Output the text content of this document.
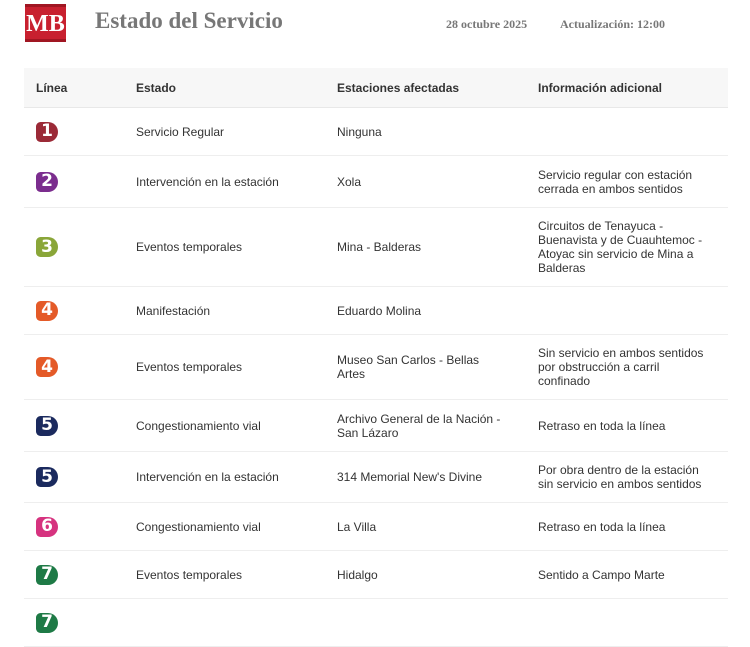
MB Estado del Servicio	28 octubre 2025	Actualización: 12:00

Línea	Estado	Estaciones afectadas	Información adicional
1	Servicio Regular	Ninguna	
2	Intervención en la estación	Xola	Servicio regular con estación cerrada en ambos sentidos
3	Eventos temporales	Mina - Balderas	Circuitos de Tenayuca - Buenavista y de Cuauhtemoc - Atoyac sin servicio de Mina a Balderas
4	Manifestación	Eduardo Molina	
4	Eventos temporales	Museo San Carlos - Bellas Artes	Sin servicio en ambos sentidos por obstrucción a carril confinado
5	Congestionamiento vial	Archivo General de la Nación - San Lázaro	Retraso en toda la línea
5	Intervención en la estación	314 Memorial New's Divine	Por obra dentro de la estación sin servicio en ambos sentidos
6	Congestionamiento vial	La Villa	Retraso en toda la línea
7	Eventos temporales	Hidalgo	Sentido a Campo Marte
7			
